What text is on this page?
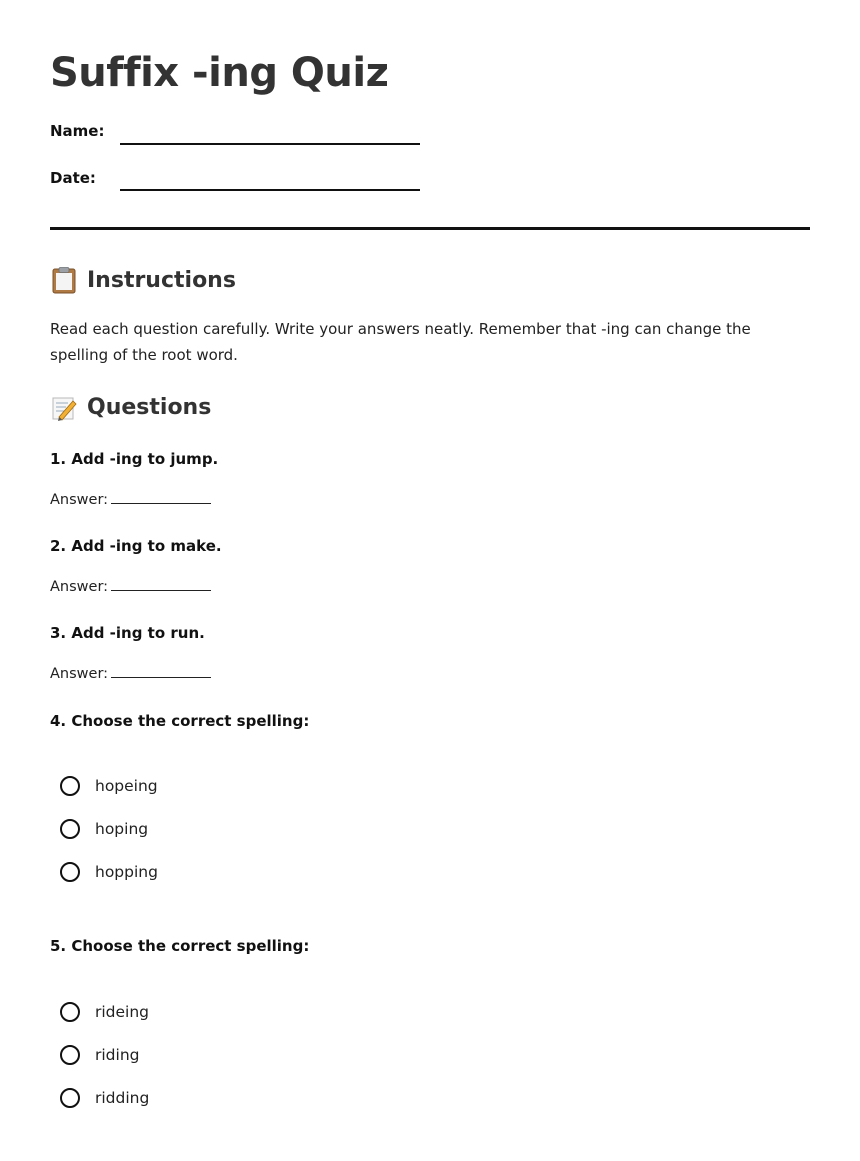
Suffix -ing Quiz
Name:
Date:
Instructions

Read each question carefully. Write your answers neatly. Remember that -ing can change the spelling of the root word.

Questions
1. Add -ing to jump.
Answer:
2. Add -ing to make.
Answer:
3. Add -ing to run.
Answer:
4. Choose the correct spelling:
hopeing
hoping
hopping
5. Choose the correct spelling:
rideing
riding
ridding
